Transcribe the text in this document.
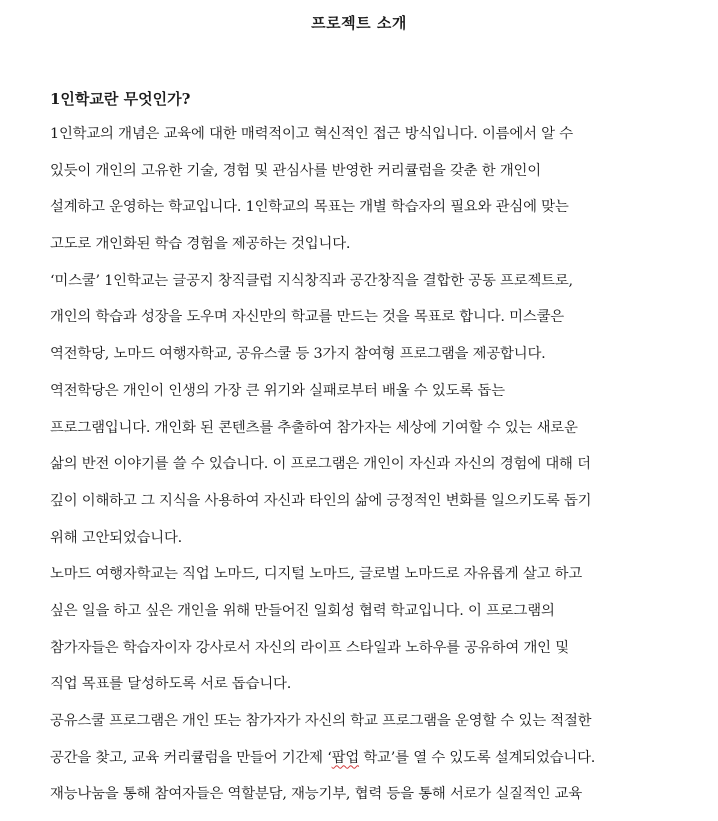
프로젝트 소개
1인학교란 무엇인가?
1인학교의 개념은 교육에 대한 매력적이고 혁신적인 접근 방식입니다. 이름에서 알 수
있듯이 개인의 고유한 기술, 경험 및 관심사를 반영한 커리큘럼을 갖춘 한 개인이
설계하고 운영하는 학교입니다. 1인학교의 목표는 개별 학습자의 필요와 관심에 맞는
고도로 개인화된 학습 경험을 제공하는 것입니다.
‘미스쿨’ 1인학교는 글공지 창직클럽 지식창직과 공간창직을 결합한 공동 프로젝트로,
개인의 학습과 성장을 도우며 자신만의 학교를 만드는 것을 목표로 합니다. 미스쿨은
역전학당, 노마드 여행자학교, 공유스쿨 등 3가지 참여형 프로그램을 제공합니다.
역전학당은 개인이 인생의 가장 큰 위기와 실패로부터 배울 수 있도록 돕는
프로그램입니다. 개인화 된 콘텐츠를 추출하여 참가자는 세상에 기여할 수 있는 새로운
삶의 반전 이야기를 쓸 수 있습니다. 이 프로그램은 개인이 자신과 자신의 경험에 대해 더
깊이 이해하고 그 지식을 사용하여 자신과 타인의 삶에 긍정적인 변화를 일으키도록 돕기
위해 고안되었습니다.
노마드 여행자학교는 직업 노마드, 디지털 노마드, 글로벌 노마드로 자유롭게 살고 하고
싶은 일을 하고 싶은 개인을 위해 만들어진 일회성 협력 학교입니다. 이 프로그램의
참가자들은 학습자이자 강사로서 자신의 라이프 스타일과 노하우를 공유하여 개인 및
직업 목표를 달성하도록 서로 돕습니다.
공유스쿨 프로그램은 개인 또는 참가자가 자신의 학교 프로그램을 운영할 수 있는 적절한
공간을 찾고, 교육 커리큘럼을 만들어 기간제 ‘팝업 학교’를 열 수 있도록 설계되었습니다.
재능나눔을 통해 참여자들은 역할분담, 재능기부, 협력 등을 통해 서로가 실질적인 교육
